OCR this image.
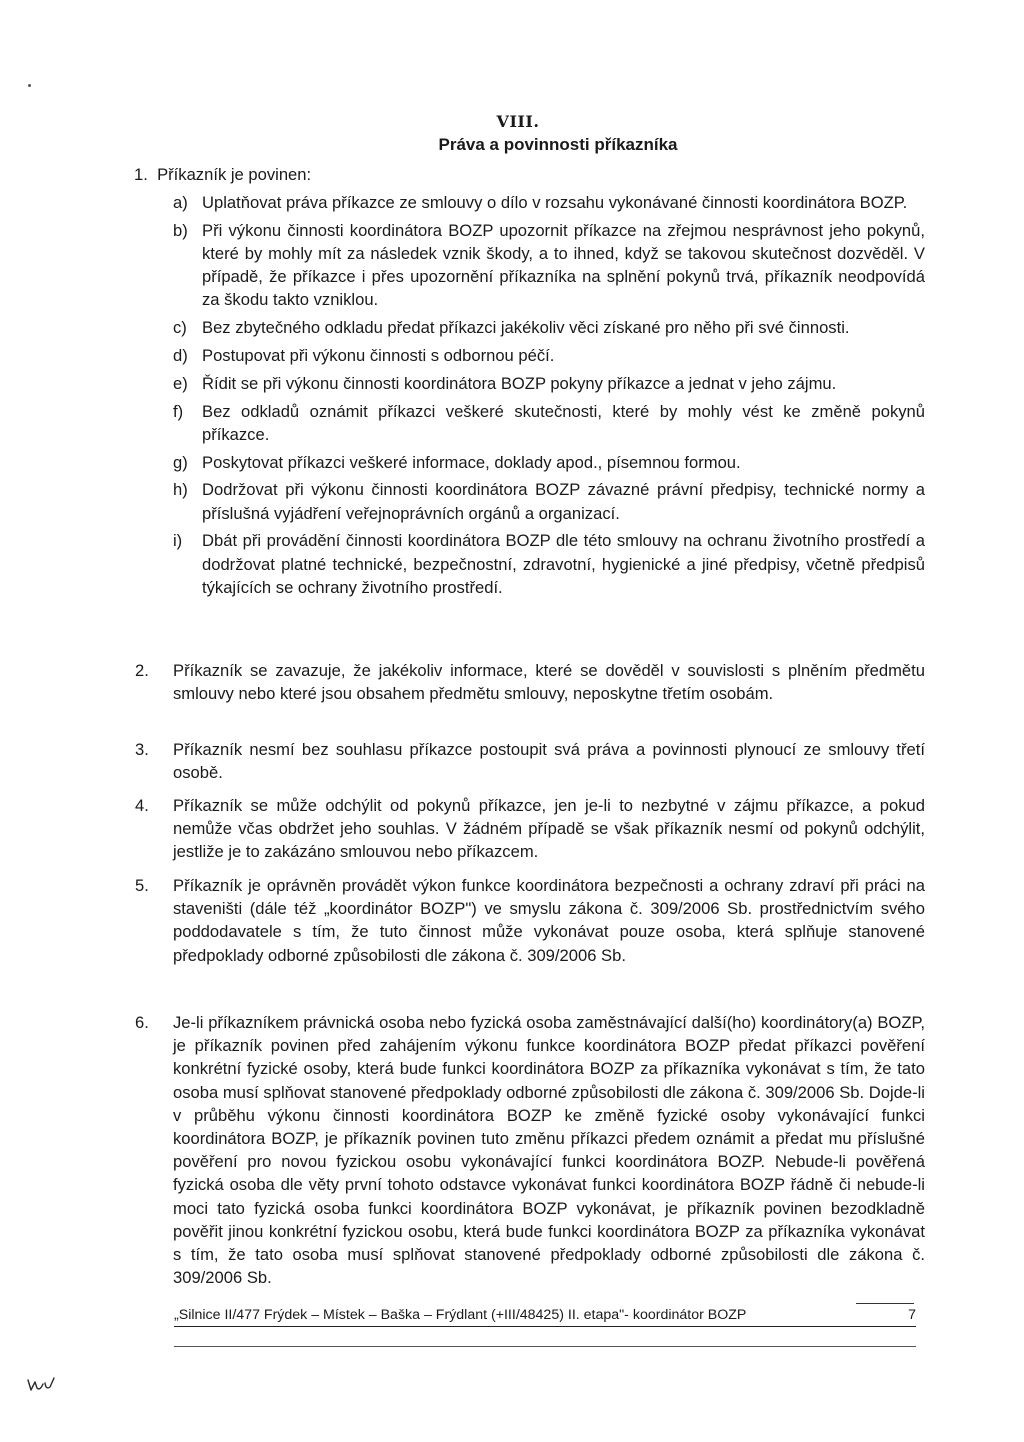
VIII.
Práva a povinnosti příkazníka
1. Příkazník je povinen:
a) Uplatňovat práva příkazce ze smlouvy o dílo v rozsahu vykonávané činnosti koordinátora BOZP.
b) Při výkonu činnosti koordinátora BOZP upozornit příkazce na zřejmou nesprávnost jeho pokynů, které by mohly mít za následek vznik škody, a to ihned, když se takovou skutečnost dozvěděl. V případě, že příkazce i přes upozornění příkazníka na splnění pokynů trvá, příkazník neodpovídá za škodu takto vzniklou.
c) Bez zbytečného odkladu předat příkazci jakékoliv věci získané pro něho při své činnosti.
d) Postupovat při výkonu činnosti s odbornou péčí.
e) Řídit se při výkonu činnosti koordinátora BOZP pokyny příkazce a jednat v jeho zájmu.
f) Bez odkladů oznámit příkazci veškeré skutečnosti, které by mohly vést ke změně pokynů příkazce.
g) Poskytovat příkazci veškeré informace, doklady apod., písemnou formou.
h) Dodržovat při výkonu činnosti koordinátora BOZP závazné právní předpisy, technické normy a příslušná vyjádření veřejnoprávních orgánů a organizací.
i) Dbát při provádění činnosti koordinátora BOZP dle této smlouvy na ochranu životního prostředí a dodržovat platné technické, bezpečnostní, zdravotní, hygienické a jiné předpisy, včetně předpisů týkajících se ochrany životního prostředí.
2. Příkazník se zavazuje, že jakékoliv informace, které se dověděl v souvislosti s plněním předmětu smlouvy nebo které jsou obsahem předmětu smlouvy, neposkytne třetím osobám.
3. Příkazník nesmí bez souhlasu příkazce postoupit svá práva a povinnosti plynoucí ze smlouvy třetí osobě.
4. Příkazník se může odchýlit od pokynů příkazce, jen je-li to nezbytné v zájmu příkazce, a pokud nemůže včas obdržet jeho souhlas. V žádném případě se však příkazník nesmí od pokynů odchýlit, jestliže je to zakázáno smlouvou nebo příkazcem.
5. Příkazník je oprávněn provádět výkon funkce koordinátora bezpečnosti a ochrany zdraví při práci na staveništi (dále též „koordinátor BOZP") ve smyslu zákona č. 309/2006 Sb. prostřednictvím svého poddodavatele s tím, že tuto činnost může vykonávat pouze osoba, která splňuje stanovené předpoklady odborné způsobilosti dle zákona č. 309/2006 Sb.
6. Je-li příkazníkem právnická osoba nebo fyzická osoba zaměstnávající další(ho) koordinátory(a) BOZP, je příkazník povinen před zahájením výkonu funkce koordinátora BOZP předat příkazci pověření konkrétní fyzické osoby, která bude funkci koordinátora BOZP za příkazníka vykonávat s tím, že tato osoba musí splňovat stanovené předpoklady odborné způsobilosti dle zákona č. 309/2006 Sb. Dojde-li v průběhu výkonu činnosti koordinátora BOZP ke změně fyzické osoby vykonávající funkci koordinátora BOZP, je příkazník povinen tuto změnu příkazci předem oznámit a předat mu příslušné pověření pro novou fyzickou osobu vykonávající funkci koordinátora BOZP. Nebude-li pověřená fyzická osoba dle věty první tohoto odstavce vykonávat funkci koordinátora BOZP řádně či nebude-li moci tato fyzická osoba funkci koordinátora BOZP vykonávat, je příkazník povinen bezodkladně pověřit jinou konkrétní fyzickou osobu, která bude funkci koordinátora BOZP za příkazníka vykonávat s tím, že tato osoba musí splňovat stanovené předpoklady odborné způsobilosti dle zákona č. 309/2006 Sb.
„Silnice II/477 Frýdek – Místek – Baška – Frýdlant (+III/48425) II. etapa"- koordinátor BOZP	7
